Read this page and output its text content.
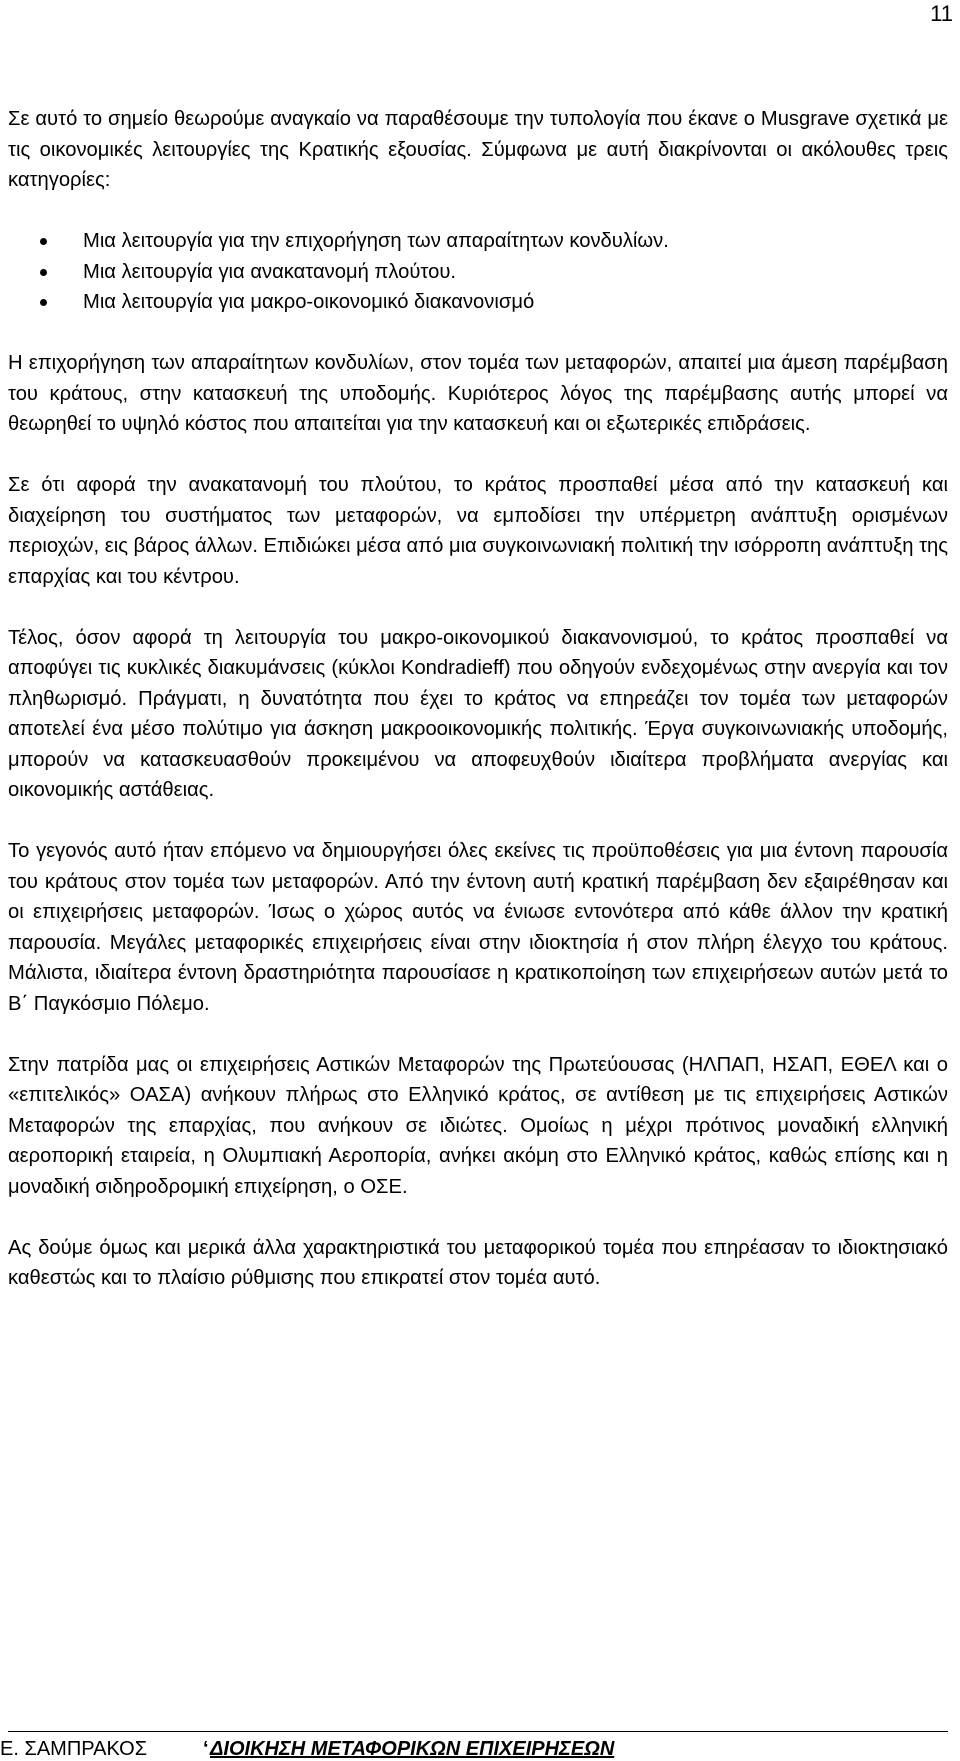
11

Σε αυτό το σημείο θεωρούμε αναγκαίο να παραθέσουμε την τυπολογία που έκανε ο Musgrave σχετικά με τις οικονομικές λειτουργίες της Κρατικής εξουσίας. Σύμφωνα με αυτή διακρίνονται οι ακόλουθες τρεις κατηγορίες:

Μια λειτουργία για την επιχορήγηση των απαραίτητων κονδυλίων.
Μια λειτουργία για ανακατανομή πλούτου.
Μια λειτουργία για μακρο-οικονομικό διακανονισμό

Η επιχορήγηση των απαραίτητων κονδυλίων, στον τομέα των μεταφορών, απαιτεί μια άμεση παρέμβαση του κράτους, στην κατασκευή της υποδομής. Κυριότερος λόγος της παρέμβασης αυτής μπορεί να θεωρηθεί το υψηλό κόστος που απαιτείται για την κατασκευή και οι εξωτερικές επιδράσεις.

Σε ότι αφορά την ανακατανομή του πλούτου, το κράτος προσπαθεί μέσα από την κατασκευή και διαχείρηση του συστήματος των μεταφορών, να εμποδίσει την υπέρμετρη ανάπτυξη ορισμένων περιοχών, εις βάρος άλλων. Επιδιώκει μέσα από μια συγκοινωνιακή πολιτική την ισόρροπη ανάπτυξη της επαρχίας και του κέντρου.

Τέλος, όσον αφορά τη λειτουργία του μακρο-οικονομικού διακανονισμού, το κράτος προσπαθεί να αποφύγει τις κυκλικές διακυμάνσεις (κύκλοι Kondradieff) που οδηγούν ενδεχομένως στην ανεργία και τον πληθωρισμό. Πράγματι, η δυνατότητα που έχει το κράτος να επηρεάζει τον τομέα των μεταφορών αποτελεί ένα μέσο πολύτιμο για άσκηση μακροοικονομικής πολιτικής. Έργα συγκοινωνιακής υποδομής, μπορούν να κατασκευασθούν προκειμένου να αποφευχθούν ιδιαίτερα προβλήματα ανεργίας και οικονομικής αστάθειας.

Το γεγονός αυτό ήταν επόμενο να δημιουργήσει όλες εκείνες τις προϋποθέσεις για μια έντονη παρουσία του κράτους στον τομέα των μεταφορών. Από την έντονη αυτή κρατική παρέμβαση δεν εξαιρέθησαν και οι επιχειρήσεις μεταφορών. Ίσως ο χώρος αυτός να ένιωσε εντονότερα από κάθε άλλον την κρατική παρουσία. Μεγάλες μεταφορικές επιχειρήσεις είναι στην ιδιοκτησία ή στον πλήρη έλεγχο του κράτους. Μάλιστα, ιδιαίτερα έντονη δραστηριότητα παρουσίασε η κρατικοποίηση των επιχειρήσεων αυτών μετά το Β΄ Παγκόσμιο Πόλεμο.

Στην πατρίδα μας οι επιχειρήσεις Αστικών Μεταφορών της Πρωτεύουσας (ΗΛΠΑΠ, ΗΣΑΠ, ΕΘΕΛ και ο «επιτελικός» ΟΑΣΑ) ανήκουν πλήρως στο Ελληνικό κράτος, σε αντίθεση με τις επιχειρήσεις Αστικών Μεταφορών της επαρχίας, που ανήκουν σε ιδιώτες. Ομοίως η μέχρι πρότινος μοναδική ελληνική αεροπορική εταιρεία, η Ολυμπιακή Αεροπορία, ανήκει ακόμη στο Ελληνικό κράτος, καθώς επίσης και η μοναδική σιδηροδρομική επιχείρηση, ο ΟΣΕ.

Ας δούμε όμως και μερικά άλλα χαρακτηριστικά του μεταφορικού τομέα που επηρέασαν το ιδιοκτησιακό καθεστώς και το πλαίσιο ρύθμισης που επικρατεί στον τομέα αυτό.

Ε. ΣΑΜΠΡΑΚΟΣ	‘ ΔΙΟΙΚΗΣΗ ΜΕΤΑΦΟΡΙΚΩΝ ΕΠΙΧΕΙΡΗΣΕΩΝ
